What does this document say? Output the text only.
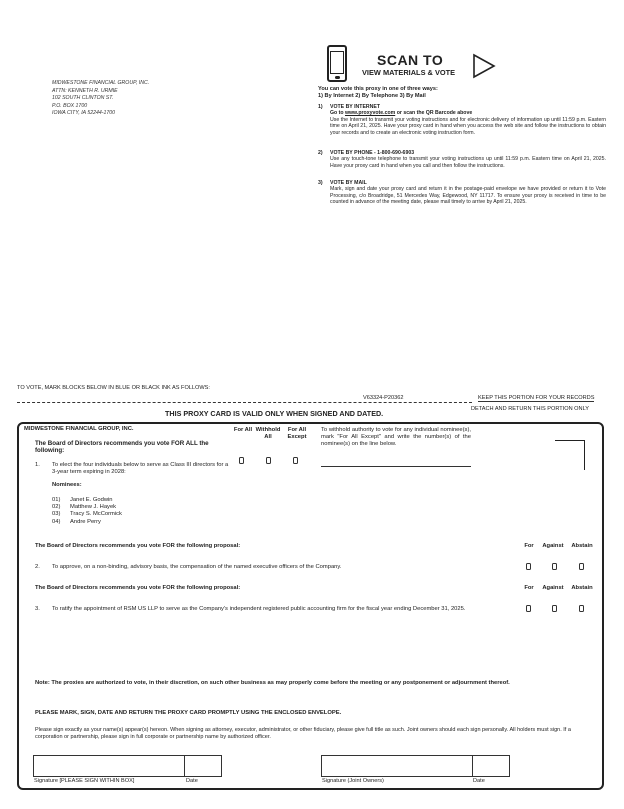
MIDWESTONE FINANCIAL GROUP, INC.
ATTN: KENNETH R. URMIE
102 SOUTH CLINTON ST.
P.O. BOX 1700
IOWA CITY, IA 52244-1700
SCAN TO
VIEW MATERIALS & VOTE
You can vote this proxy in one of three ways:
1) By Internet 2) By Telephone 3) By Mail
1) VOTE BY INTERNET
Go to www.proxyvote.com or scan the QR Barcode above
Use the Internet to transmit your voting instructions and for electronic delivery of information up until 11:59 p.m. Eastern time on April 21, 2025. Have your proxy card in hand when you access the web site and follow the instructions to obtain your records and to create an electronic voting instruction form.
2) VOTE BY PHONE - 1-800-690-6903
Use any touch-tone telephone to transmit your voting instructions up until 11:59 p.m. Eastern time on April 21, 2025. Have your proxy card in hand when you call and then follow the instructions.
3) VOTE BY MAIL
Mark, sign and date your proxy card and return it in the postage-paid envelope we have provided or return it to Vote Processing, c/o Broadridge, 51 Mercedes Way, Edgewood, NY 11717. To ensure your proxy is received in time to be counted in advance of the meeting date, please mail timely to arrive by April 21, 2025.
TO VOTE, MARK BLOCKS BELOW IN BLUE OR BLACK INK AS FOLLOWS:
V63324-P20362	KEEP THIS PORTION FOR YOUR RECORDS
DETACH AND RETURN THIS PORTION ONLY
THIS PROXY CARD IS VALID ONLY WHEN SIGNED AND DATED.
MIDWESTONE FINANCIAL GROUP, INC.
The Board of Directors recommends you vote FOR ALL the following:
For All Withhold All
For All Except
To withhold authority to vote for any individual nominee(s), mark "For All Except" and write the number(s) of the nominee(s) on the line below.
1. To elect the four individuals below to serve as Class III directors for a 3-year term expiring in 2028:
Nominees:
01) Janet E. Godwin
02) Matthew J. Hayek
03) Tracy S. McCormick
04) Andre Perry
The Board of Directors recommends you vote FOR the following proposal:	For	Against	Abstain
2. To approve, on a non-binding, advisory basis, the compensation of the named executive officers of the Company.
The Board of Directors recommends you vote FOR the following proposal:	For	Against	Abstain
3. To ratify the appointment of RSM US LLP to serve as the Company's independent registered public accounting firm for the fiscal year ending December 31, 2025.
Note: The proxies are authorized to vote, in their discretion, on such other business as may properly come before the meeting or any postponement or adjournment thereof.
PLEASE MARK, SIGN, DATE AND RETURN THE PROXY CARD PROMPTLY USING THE ENCLOSED ENVELOPE.
Please sign exactly as your name(s) appear(s) hereon. When signing as attorney, executor, administrator, or other fiduciary, please give full title as such. Joint owners should each sign personally. All holders must sign. If a corporation or partnership, please sign in full corporate or partnership name by authorized officer.
Signature [PLEASE SIGN WITHIN BOX]	Date	Signature (Joint Owners)	Date
